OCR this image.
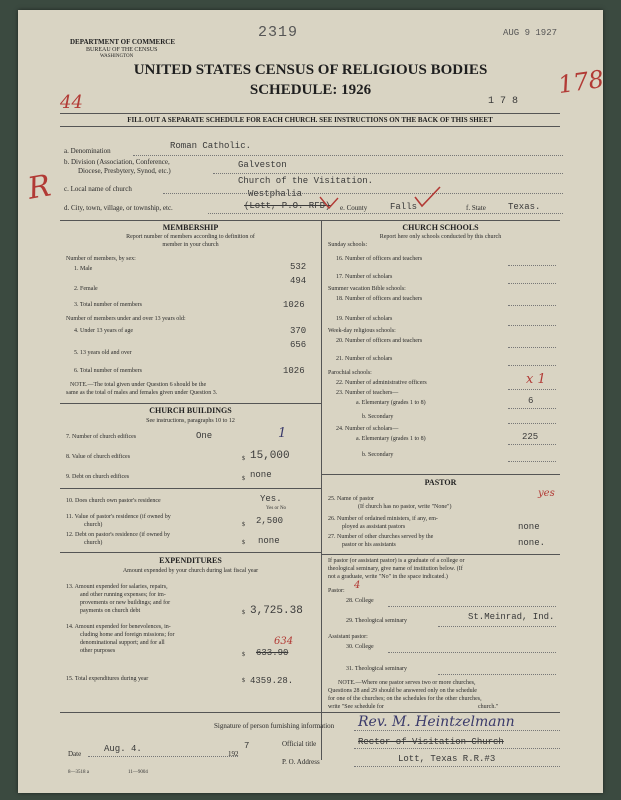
DEPARTMENT OF COMMERCE
BUREAU OF THE CENSUS
WASHINGTON
2319	AUG 9 1927
UNITED STATES CENSUS OF RELIGIOUS BODIES
SCHEDULE: 1926
1 7 8
178
44
FILL OUT A SEPARATE SCHEDULE FOR EACH CHURCH. SEE INSTRUCTIONS ON THE BACK OF THIS SHEET
R
a. Denomination	Roman Catholic.
b. Division (Association, Conference,
Diocese, Presbytery, Synod, etc.)
Galveston
c. Local name of church
Church of the Visitation.
d. City, town, village, or township, etc.
Westphalia
(Lott, P.O. RFD) e. County	Falls	f. State Texas.
MEMBERSHIP
Report number of members according to definition of
member in your church
Number of members, by sex:
1. Male	532
494
2. Female
3. Total number of members	1026
Number of members under and over 13 years old:
4. Under 13 years of age	370
656
5. 13 years old and over
6. Total number of members	1026
NOTE.—The total given under Question 6 should be the
same as the total of males and females given under Question 3.
CHURCH BUILDINGS
See instructions, paragraphs 10 to 12
7. Number of church edifices	One	1
8. Value of church edifices	$ 15,000
9. Debt on church edifices	$ none
10. Does church own pastor's residence	Yes.
Yes or No
11. Value of pastor's residence (if owned by
church)	$ 2,500
12. Debt on pastor's residence (if owned by
church)	$ none
EXPENDITURES
Amount expended by your church during last fiscal year
13. Amount expended for salaries, repairs,
and other running expenses; for im-
provements or new buildings; and for
payments on church debt	$ 3,725.38
14. Amount expended for benevolences, in-
cluding home and foreign missions; for
denominational support; and for all
other purposes
634
$ 633.90
15. Total expenditures during year	$ 4359.28.
CHURCH SCHOOLS
Report here only schools conducted by this church
Sunday schools:
16. Number of officers and teachers
17. Number of scholars
Summer vacation Bible schools:
18. Number of officers and teachers
19. Number of scholars
Week-day religious schools:
20. Number of officers and teachers
21. Number of scholars
Parochial schools:
22. Number of administrative officers	x 1
23. Number of teachers—
a. Elementary (grades 1 to 8)	6
b. Secondary
24. Number of scholars—
a. Elementary (grades 1 to 8)	225
b. Secondary
PASTOR
25. Name of pastor
(If church has no pastor, write "None")
yes
26. Number of ordained ministers, if any, em-
ployed as assistant pastors	none
27. Number of other churches served by the
pastor or his assistants	none.
If pastor (or assistant pastor) is a graduate of a college or
theological seminary, give name of institution below. (If
not a graduate, write "No" in the space indicated.)
Pastor: 4
28. College
29. Theological seminary	St.Meinrad, Ind.
Assistant pastor:
30. College
31. Theological seminary
NOTE.—Where one pastor serves two or more churches,
Questions 28 and 29 should be answered only on the schedule
for one of the churches; on the schedules for the other churches,
write "See schedule for	church."
Signature of person furnishing information Rev. M. Heintzelmann
Date	Aug. 4.	192
7	Official title	Rector of Visitation Church
P. O. Address	Lott, Texas R.R.#3
8—3518 a	11—9004
